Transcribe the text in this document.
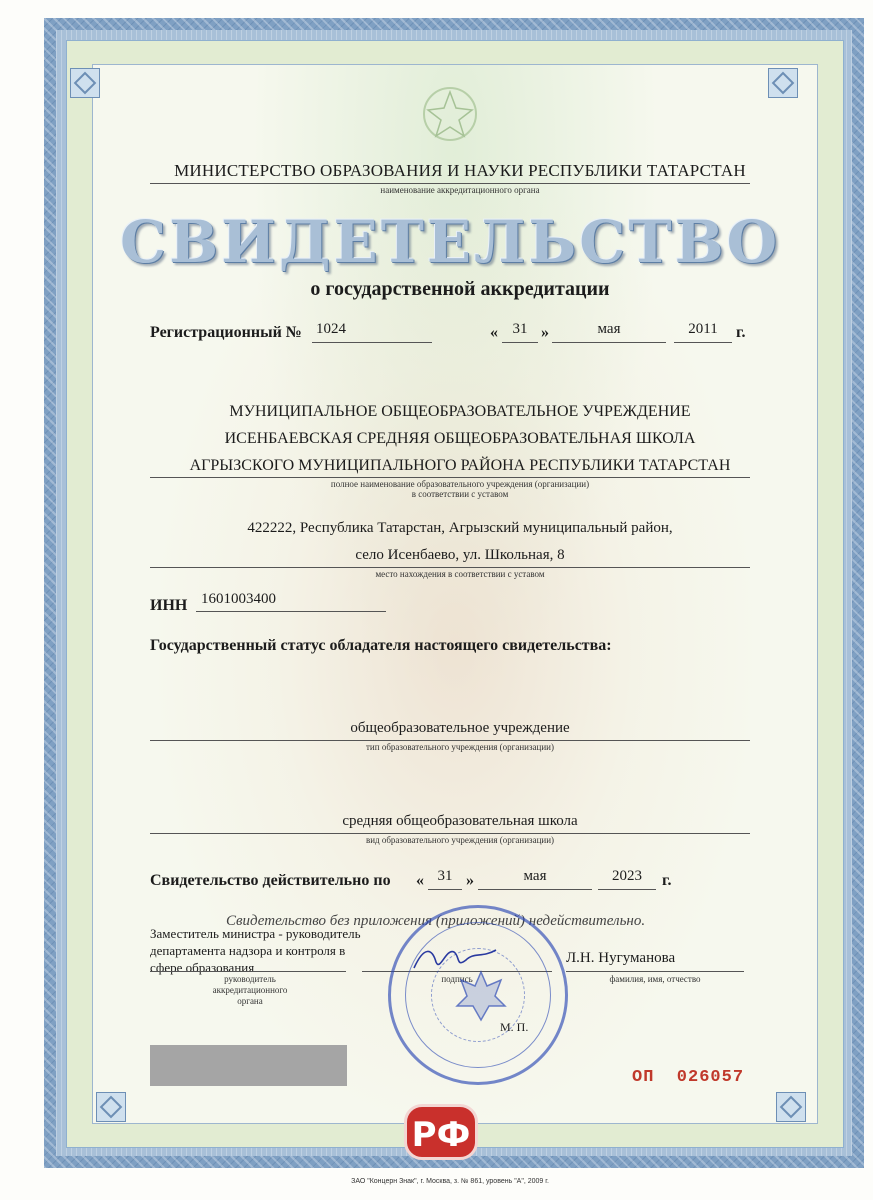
МИНИСТЕРСТВО ОБРАЗОВАНИЯ И НАУКИ РЕСПУБЛИКИ ТАТАРСТАН
наименование аккредитационного органа
СВИДЕТЕЛЬСТВО
о государственной аккредитации
Регистрационный № 1024	« 31 »	мая	2011	г.
МУНИЦИПАЛЬНОЕ ОБЩЕОБРАЗОВАТЕЛЬНОЕ УЧРЕЖДЕНИЕ
ИСЕНБАЕВСКАЯ СРЕДНЯЯ ОБЩЕОБРАЗОВАТЕЛЬНАЯ ШКОЛА
АГРЫЗСКОГО МУНИЦИПАЛЬНОГО РАЙОНА РЕСПУБЛИКИ ТАТАРСТАН
полное наименование образовательного учреждения (организации)
в соответствии с уставом
422222, Республика Татарстан, Агрызский муниципальный район,
село Исенбаево, ул. Школьная, 8
место нахождения в соответствии с уставом
ИНН 1601003400
Государственный статус обладателя настоящего свидетельства:
общеобразовательное учреждение
тип образовательного учреждения (организации)
средняя общеобразовательная школа
вид образовательного учреждения (организации)
Свидетельство действительно по « 31 »	мая	2023	г.
Свидетельство без приложения (приложений) недействительно.
Заместитель министра - руководитель
департамента надзора и контроля в
сфере образования
руководитель
аккредитационного
органа
подпись
Л.Н. Нугуманова
фамилия, имя, отчество
М. П.
ОП  026057
РФ
ЗАО "Концерн Знак", г. Москва, з. № 861, уровень "А", 2009 г.
